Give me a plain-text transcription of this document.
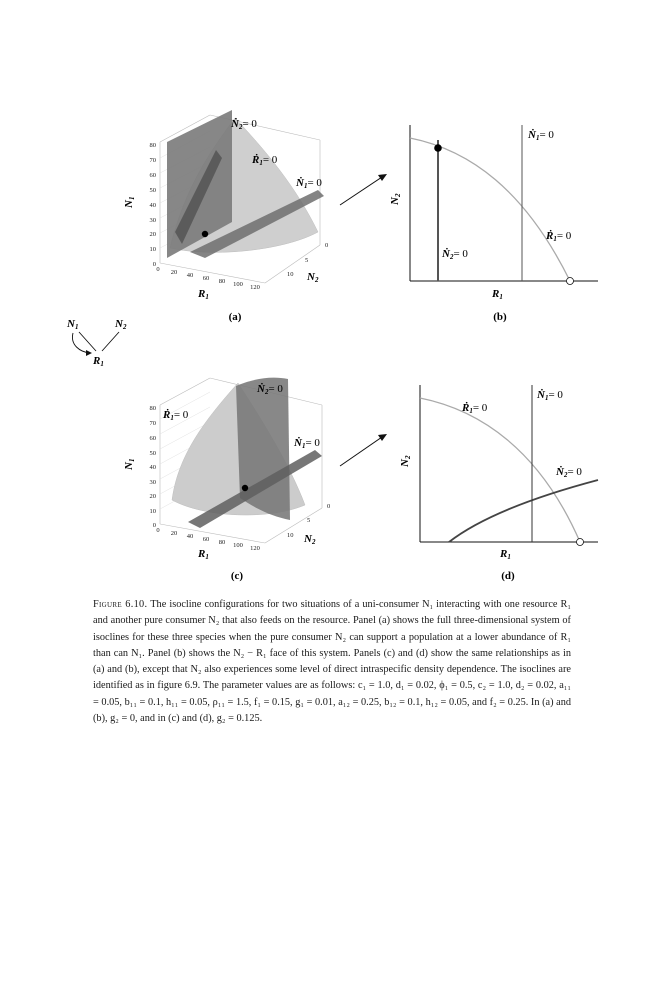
80
70
60
50
40
30
20
10
0
0 20 40 60 80 100 120
10
5
0
N1
R1
N2
Ṅ2= 0
Ṙ1= 0
Ṅ1= 0
(a)
Ṅ1= 0
Ṙ1= 0
Ṅ2= 0
N2
R1
(b)
N1	N2
R1
80
70
60
50
40
30
20
10
0
0 20 40 60 80 100 120
10
5
0
N1
R1
N2
Ṅ2= 0
Ṙ1= 0
Ṅ1= 0
(c)
Ṅ1= 0
Ṙ1= 0
Ṅ2= 0
N2
R1
(d)
Figure 6.10. The isocline configurations for two situations of a uni-consumer N₁ interacting with one resource R₁ and another pure consumer N₂ that also feeds on the resource. Panel (a) shows the full three-dimensional system of isoclines for these three species when the pure consumer N₂ can support a population at a lower abundance of R₁ than can N₁. Panel (b) shows the N₂ − R₁ face of this system. Panels (c) and (d) show the same relationships as in (a) and (b), except that N₂ also experiences some level of direct intraspecific density dependence. The isoclines are identified as in figure 6.9. The parameter values are as follows: c₁ = 1.0, d₁ = 0.02, ϕ₁ = 0.5, c₂ = 1.0, d₂ = 0.02, a₁₁ = 0.05, b₁₁ = 0.1, h₁₁ = 0.05, ρ₁₁ = 1.5, f₁ = 0.15, g₁ = 0.01, a₁₂ = 0.25, b₁₂ = 0.1, h₁₂ = 0.05, and f₂ = 0.25. In (a) and (b), g₂ = 0, and in (c) and (d), g₂ = 0.125.
